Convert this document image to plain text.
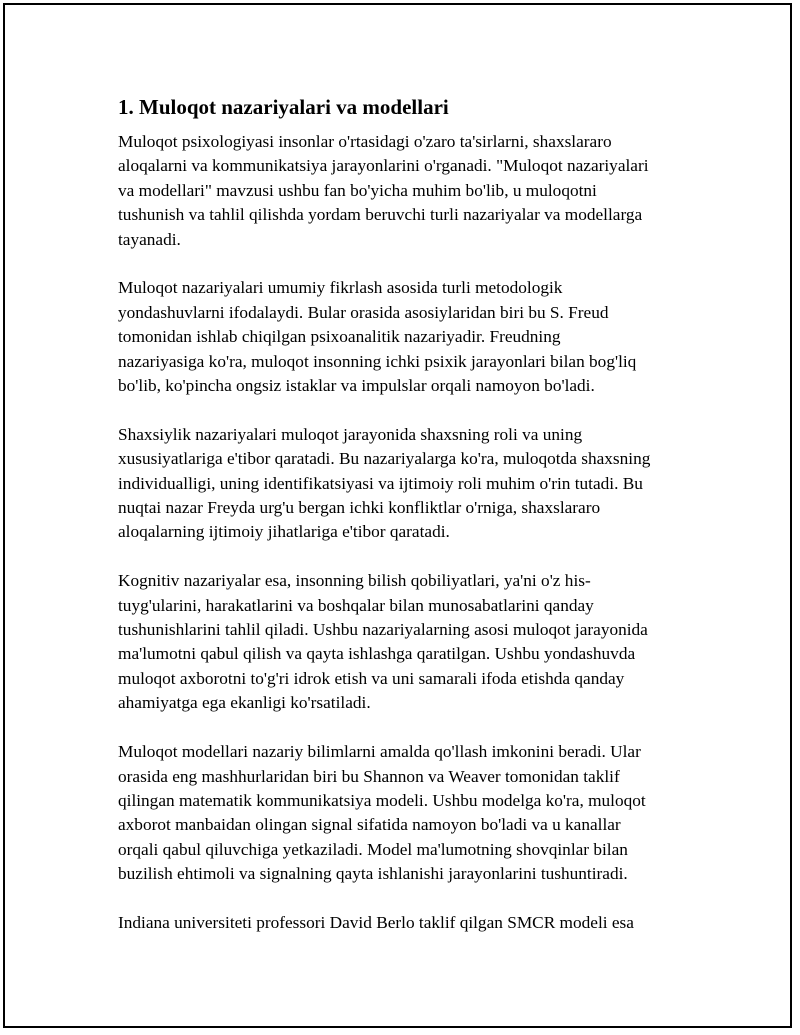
1. Muloqot nazariyalari va modellari

Muloqot psixologiyasi insonlar o'rtasidagi o'zaro ta'sirlarni, shaxslararo
aloqalarni va kommunikatsiya jarayonlarini o'rganadi. "Muloqot nazariyalari
va modellari" mavzusi ushbu fan bo'yicha muhim bo'lib, u muloqotni
tushunish va tahlil qilishda yordam beruvchi turli nazariyalar va modellarga
tayanadi.

Muloqot nazariyalari umumiy fikrlash asosida turli metodologik
yondashuvlarni ifodalaydi. Bular orasida asosiylaridan biri bu S. Freud
tomonidan ishlab chiqilgan psixoanalitik nazariyadir. Freudning
nazariyasiga ko'ra, muloqot insonning ichki psixik jarayonlari bilan bog'liq
bo'lib, ko'pincha ongsiz istaklar va impulslar orqali namoyon bo'ladi.

Shaxsiylik nazariyalari muloqot jarayonida shaxsning roli va uning
xususiyatlariga e'tibor qaratadi. Bu nazariyalarga ko'ra, muloqotda shaxsning
individualligi, uning identifikatsiyasi va ijtimoiy roli muhim o'rin tutadi. Bu
nuqtai nazar Freyda urg'u bergan ichki konfliktlar o'rniga, shaxslararo
aloqalarning ijtimoiy jihatlariga e'tibor qaratadi.

Kognitiv nazariyalar esa, insonning bilish qobiliyatlari, ya'ni o'z his-
tuyg'ularini, harakatlarini va boshqalar bilan munosabatlarini qanday
tushunishlarini tahlil qiladi. Ushbu nazariyalarning asosi muloqot jarayonida
ma'lumotni qabul qilish va qayta ishlashga qaratilgan. Ushbu yondashuvda
muloqot axborotni to'g'ri idrok etish va uni samarali ifoda etishda qanday
ahamiyatga ega ekanligi ko'rsatiladi.

Muloqot modellari nazariy bilimlarni amalda qo'llash imkonini beradi. Ular
orasida eng mashhurlaridan biri bu Shannon va Weaver tomonidan taklif
qilingan matematik kommunikatsiya modeli. Ushbu modelga ko'ra, muloqot
axborot manbaidan olingan signal sifatida namoyon bo'ladi va u kanallar
orqali qabul qiluvchiga yetkaziladi. Model ma'lumotning shovqinlar bilan
buzilish ehtimoli va signalning qayta ishlanishi jarayonlarini tushuntiradi.

Indiana universiteti professori David Berlo taklif qilgan SMCR modeli esa
